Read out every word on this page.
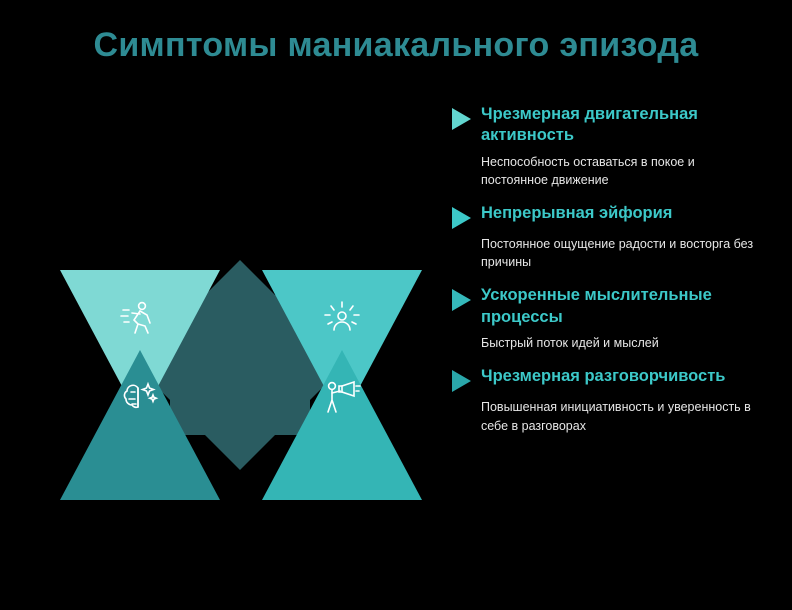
Симптомы маниакального эпизода
Чрезмерная двигательная активность
Неспособность оставаться в покое и постоянное движение
Непрерывная эйфория
Постоянное ощущение радости и восторга без причины
Ускоренные мыслительные процессы
Быстрый поток идей и мыслей
Чрезмерная разговорчивость
Повышенная инициативность и уверенность в себе в разговорах
